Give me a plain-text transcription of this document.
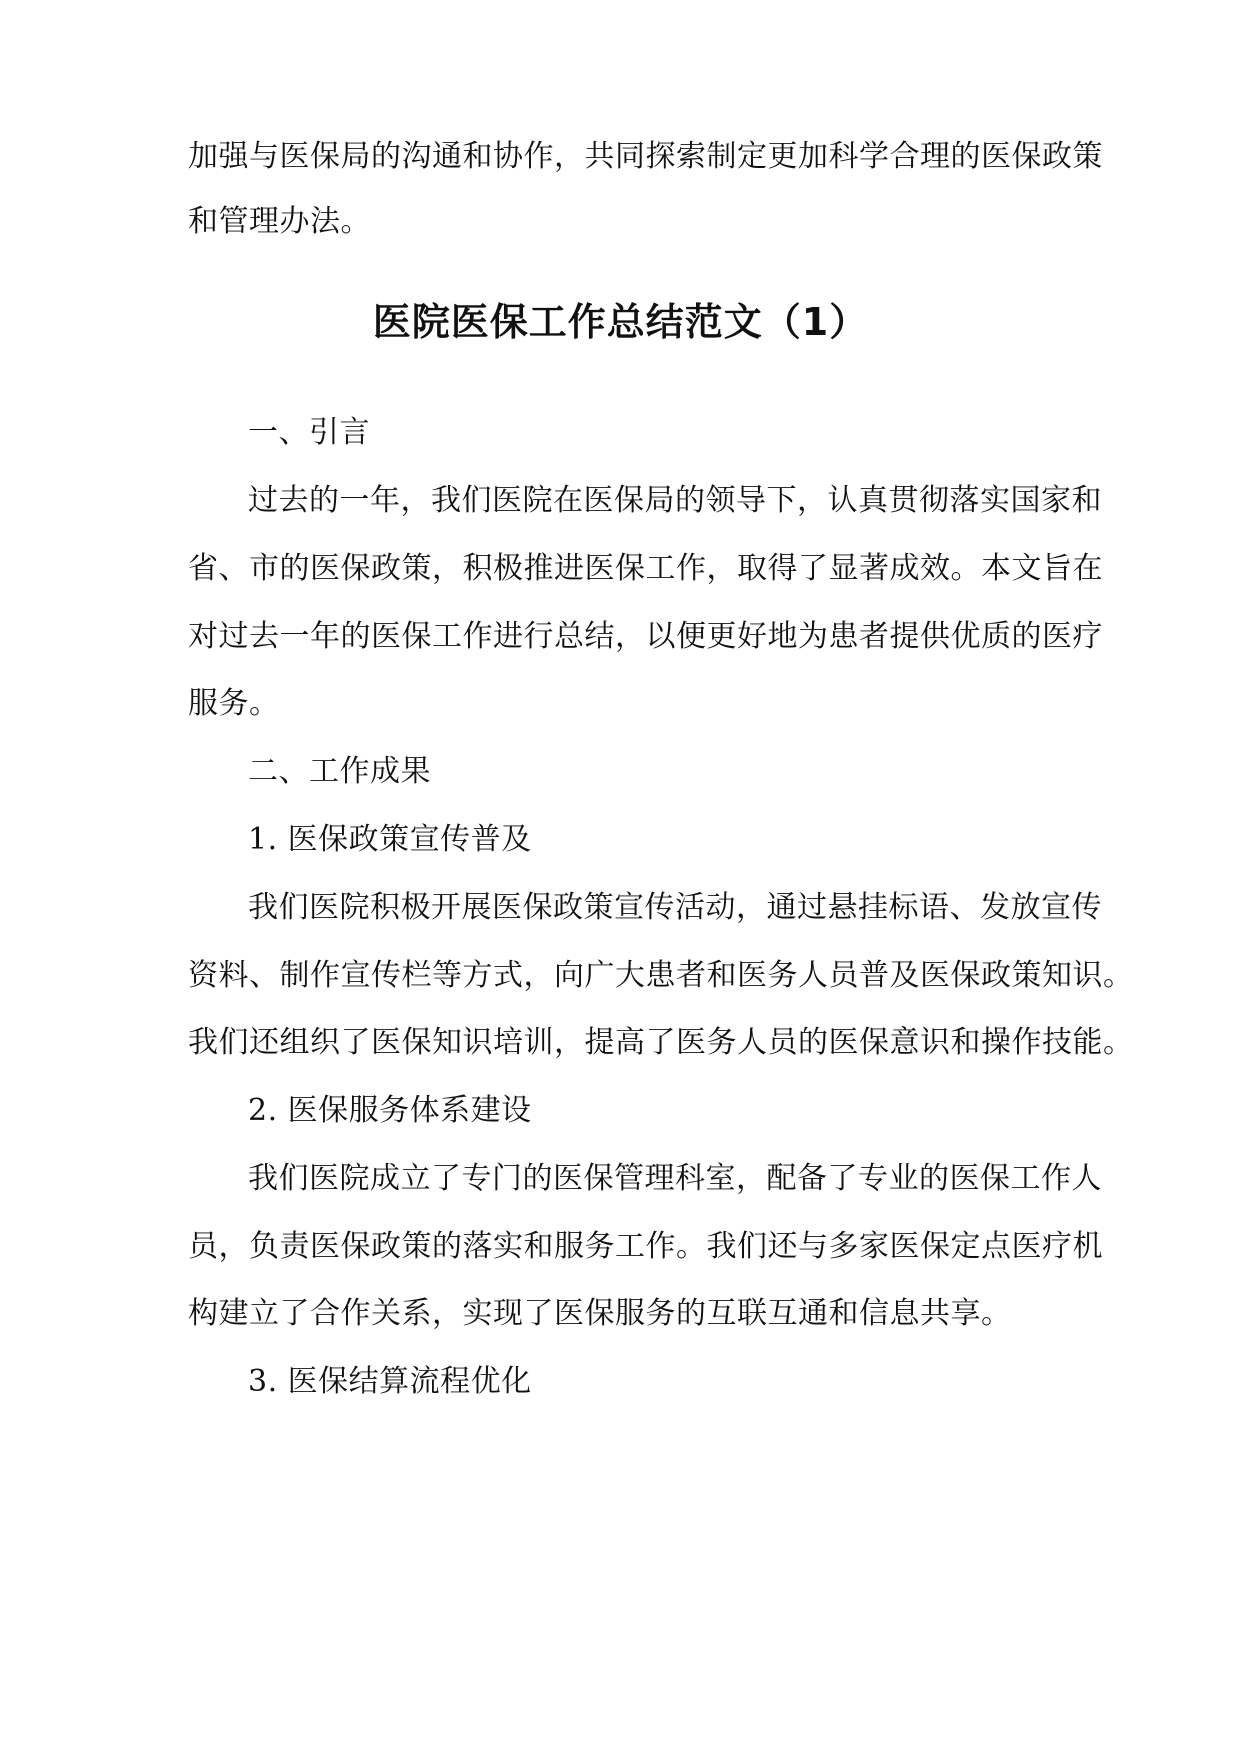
加强与医保局的沟通和协作，共同探索制定更加科学合理的医保政策
和管理办法。
医院医保工作总结范文（1）
一、引言
过去的一年，我们医院在医保局的领导下，认真贯彻落实国家和
省、市的医保政策，积极推进医保工作，取得了显著成效。本文旨在
对过去一年的医保工作进行总结，以便更好地为患者提供优质的医疗
服务。
二、工作成果
1. 医保政策宣传普及
我们医院积极开展医保政策宣传活动，通过悬挂标语、发放宣传
资料、制作宣传栏等方式，向广大患者和医务人员普及医保政策知识。
我们还组织了医保知识培训，提高了医务人员的医保意识和操作技能。
2. 医保服务体系建设
我们医院成立了专门的医保管理科室，配备了专业的医保工作人
员，负责医保政策的落实和服务工作。我们还与多家医保定点医疗机
构建立了合作关系，实现了医保服务的互联互通和信息共享。
3. 医保结算流程优化
